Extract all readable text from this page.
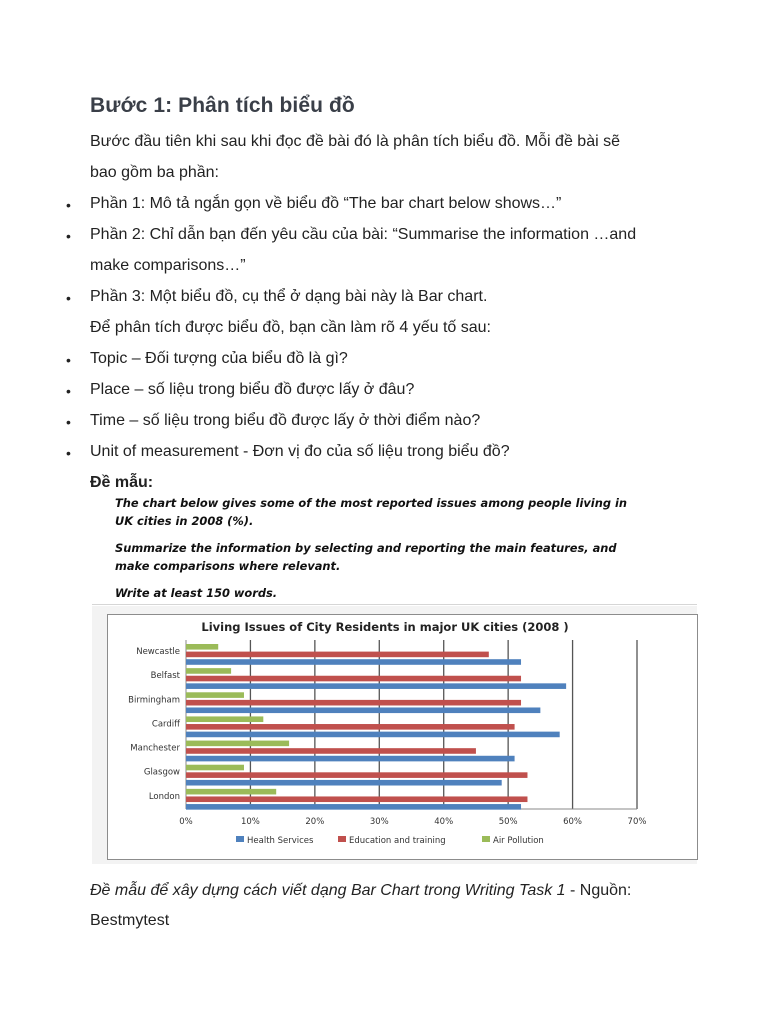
Bước 1: Phân tích biểu đồ
Bước đầu tiên khi sau khi đọc đề bài đó là phân tích biểu đồ. Mỗi đề bài sẽ
bao gồm ba phần:
• Phần 1: Mô tả ngắn gọn về biểu đồ “The bar chart below shows…”
• Phần 2: Chỉ dẫn bạn đến yêu cầu của bài: “Summarise the information …and
make comparisons…”
• Phần 3: Một biểu đồ, cụ thể ở dạng bài này là Bar chart.
Để phân tích được biểu đồ, bạn cần làm rõ 4 yếu tố sau:
• Topic – Đối tượng của biểu đồ là gì?
• Place – số liệu trong biểu đồ được lấy ở đâu?
• Time – số liệu trong biểu đồ được lấy ở thời điểm nào?
• Unit of measurement - Đơn vị đo của số liệu trong biểu đồ?
Đề mẫu:
The chart below gives some of the most reported issues among people living in
UK cities in 2008 (%).
Summarize the information by selecting and reporting the main features, and
make comparisons where relevant.
Write at least 150 words.
Living Issues of City Residents in major UK cities (2008 )
0%	10%	20%	30%	40%	50%	60%	70%
Newcastle
Belfast
Birmingham
Cardiff
Manchester
Glasgow
London
Health Services	Education and training	Air Pollution
Đề mẫu để xây dựng cách viết dạng Bar Chart trong Writing Task 1 - Nguồn: Bestmytest
